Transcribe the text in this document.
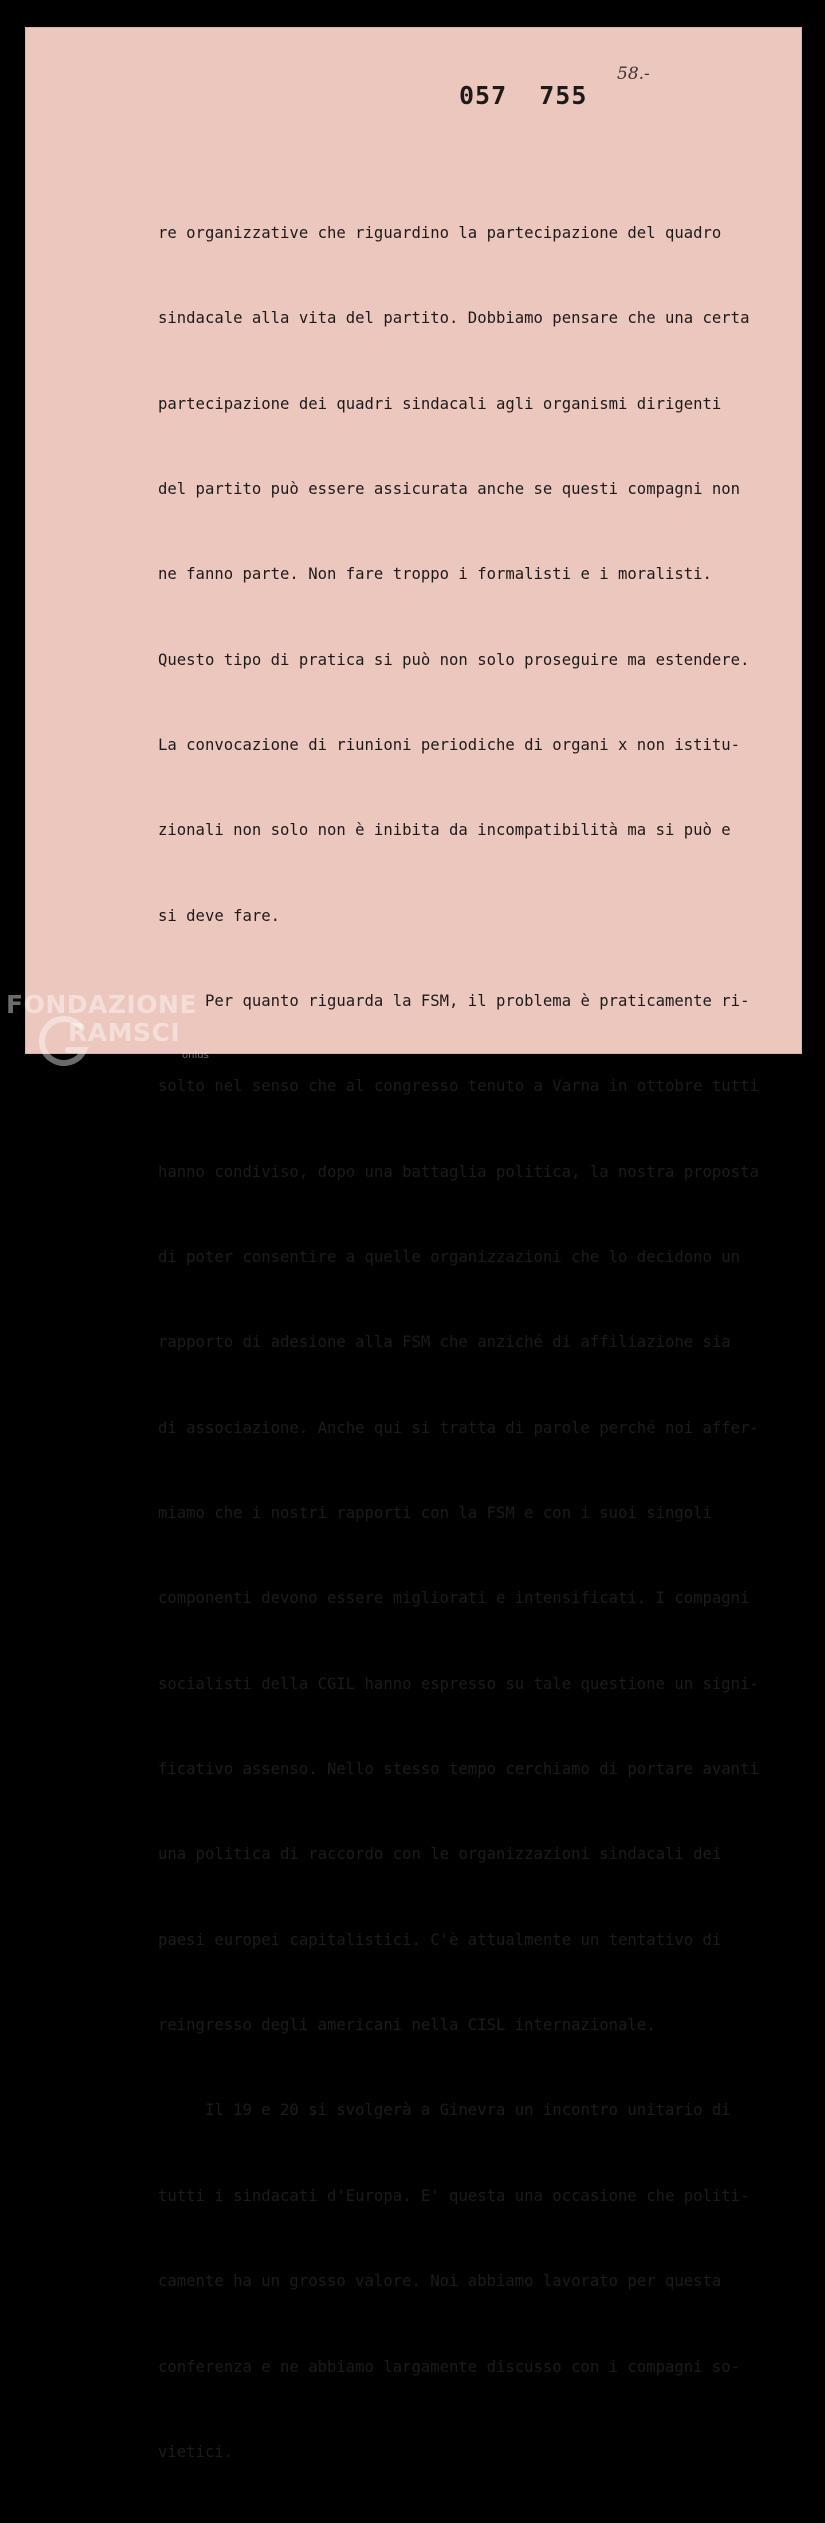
057  755
58.-

re organizzative che riguardino la partecipazione del quadro

sindacale alla vita del partito. Dobbiamo pensare che una certa

partecipazione dei quadri sindacali agli organismi dirigenti

del partito può essere assicurata anche se questi compagni non

ne fanno parte. Non fare troppo i formalisti e i moralisti.

Questo tipo di pratica si può non solo proseguire ma estendere.

La convocazione di riunioni periodiche di organi x non istitu-

zionali non solo non è inibita da incompatibilità ma si può e

si deve fare.

Per quanto riguarda la FSM, il problema è praticamente ri-

solto nel senso che al congresso tenuto a Varna in ottobre tutti

hanno condiviso, dopo una battaglia politica, la nostra proposta

di poter consentire a quelle organizzazioni che lo decidono un

rapporto di adesione alla FSM che anziché di affiliazione sia

di associazione. Anche qui si tratta di parole perché noi affer-

miamo che i nostri rapporti con la FSM e con i suoi singoli

componenti devono essere migliorati e intensificati. I compagni

socialisti della CGIL hanno espresso su tale questione un signi-

ficativo assenso. Nello stesso tempo cerchiamo di portare avanti

una politica di raccordo con le organizzazioni sindacali dei

paesi europei capitalistici. C'è attualmente un tentativo di

reingresso degli americani nella CISL internazionale.

Il 19 e 20 si svolgerà a Ginevra un incontro unitario di

tutti i sindacati d'Europa. E' questa una occasione che politi-

camente ha un grosso valore. Noi abbiamo lavorato per questa

conferenza e ne abbiamo largamente discusso con i compagni so-

vietici.

FONDAZIONE
RAMSCI
onlus
